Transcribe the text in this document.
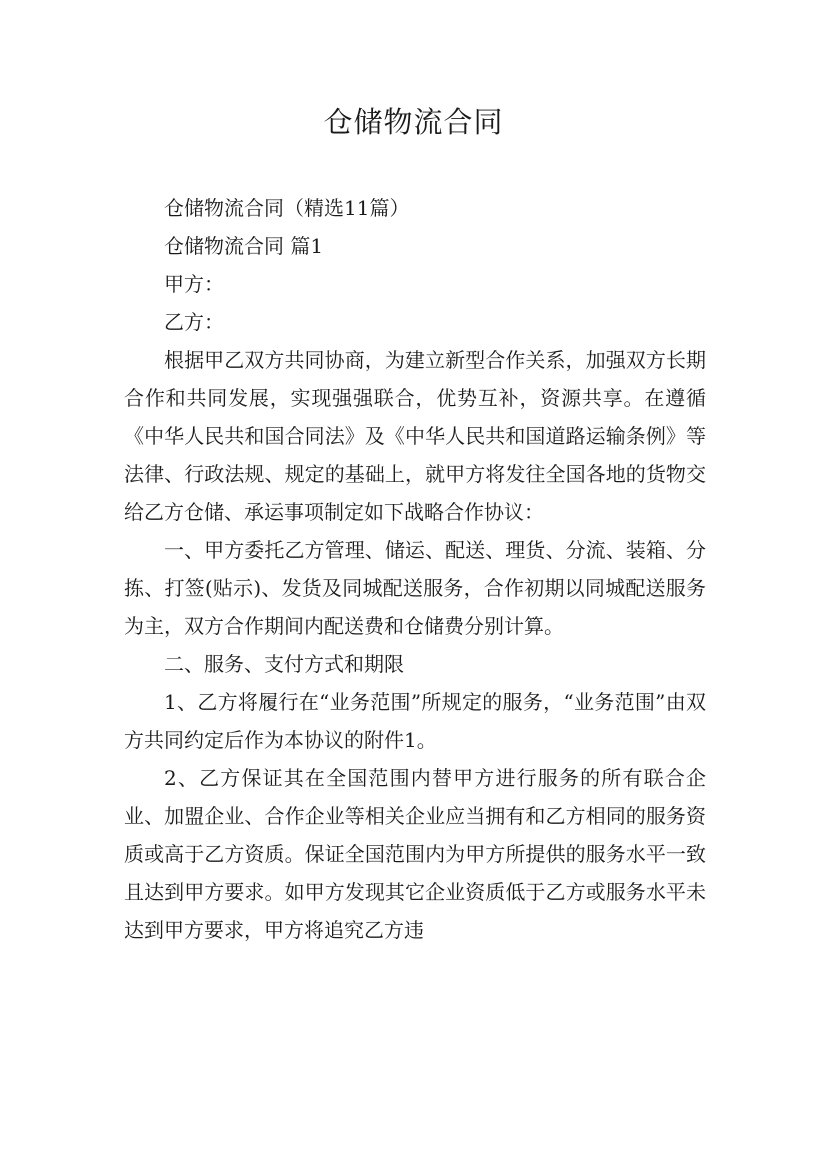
仓储物流合同

仓储物流合同（精选11篇）

仓储物流合同 篇1

甲方：

乙方：

根据甲乙双方共同协商，为建立新型合作关系，加强双方长期合作和共同发展，实现强强联合，优势互补，资源共享。在遵循《中华人民共和国合同法》及《中华人民共和国道路运输条例》等法律、行政法规、规定的基础上，就甲方将发往全国各地的货物交给乙方仓储、承运事项制定如下战略合作协议：

一、甲方委托乙方管理、储运、配送、理货、分流、装箱、分拣、打签(贴示)、发货及同城配送服务，合作初期以同城配送服务为主，双方合作期间内配送费和仓储费分别计算。

二、服务、支付方式和期限

1、乙方将履行在“业务范围”所规定的服务，“业务范围”由双方共同约定后作为本协议的附件1。

2、乙方保证其在全国范围内替甲方进行服务的所有联合企业、加盟企业、合作企业等相关企业应当拥有和乙方相同的服务资质或高于乙方资质。保证全国范围内为甲方所提供的服务水平一致且达到甲方要求。如甲方发现其它企业资质低于乙方或服务水平未达到甲方要求，甲方将追究乙方违
